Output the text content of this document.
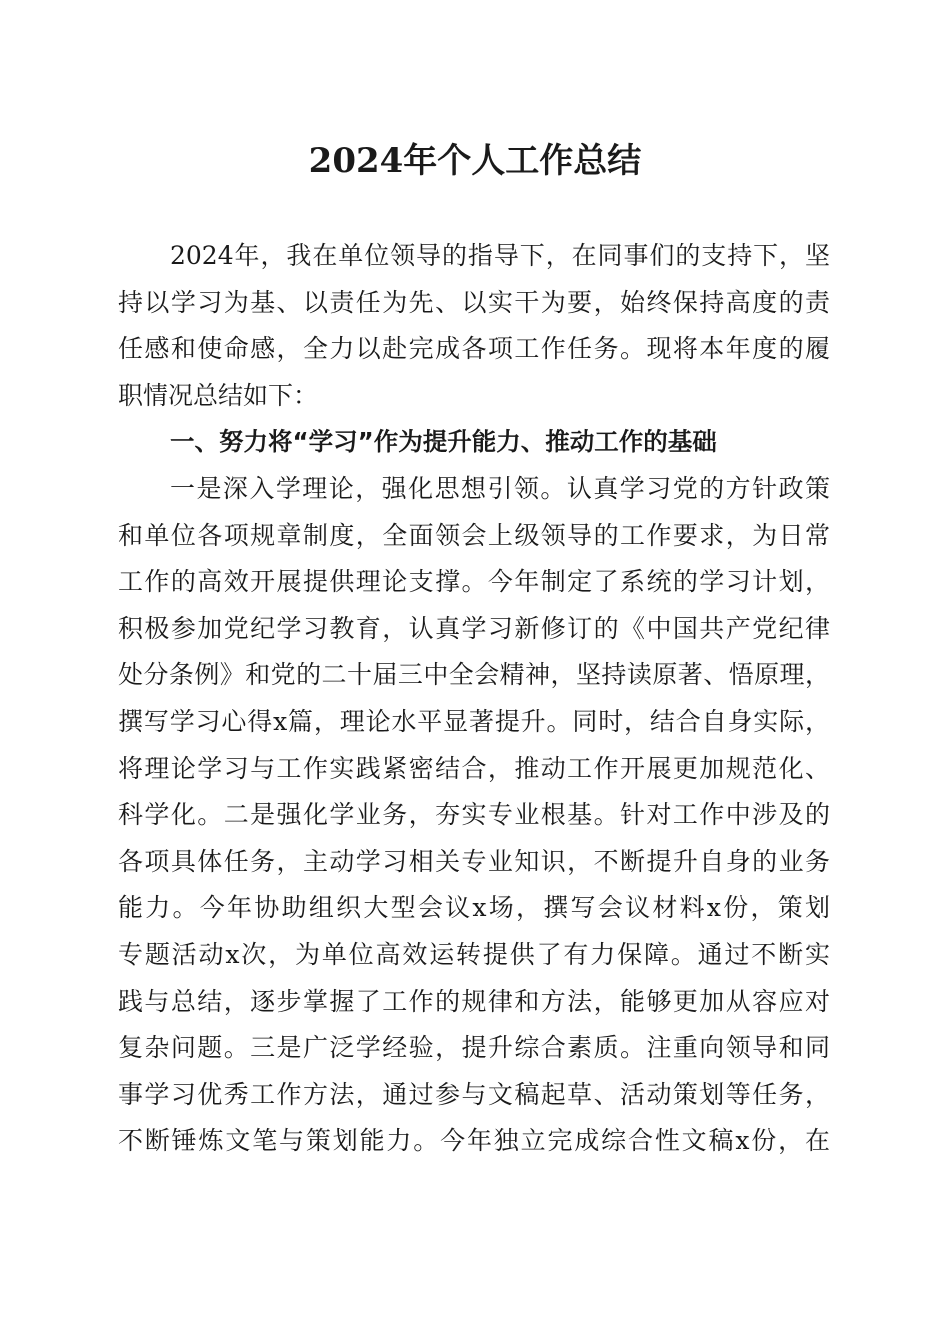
2024年个人工作总结
2024年，我在单位领导的指导下，在同事们的支持下，坚
持以学习为基、以责任为先、以实干为要，始终保持高度的责
任感和使命感，全力以赴完成各项工作任务。现将本年度的履
职情况总结如下：
一、努力将“学习”作为提升能力、推动工作的基础
一是深入学理论，强化思想引领。认真学习党的方针政策
和单位各项规章制度，全面领会上级领导的工作要求，为日常
工作的高效开展提供理论支撑。今年制定了系统的学习计划，
积极参加党纪学习教育，认真学习新修订的《中国共产党纪律
处分条例》和党的二十届三中全会精神，坚持读原著、悟原理，
撰写学习心得x篇，理论水平显著提升。同时，结合自身实际，
将理论学习与工作实践紧密结合，推动工作开展更加规范化、
科学化。二是强化学业务，夯实专业根基。针对工作中涉及的
各项具体任务，主动学习相关专业知识，不断提升自身的业务
能力。今年协助组织大型会议x场，撰写会议材料x份，策划
专题活动x次，为单位高效运转提供了有力保障。通过不断实
践与总结，逐步掌握了工作的规律和方法，能够更加从容应对
复杂问题。三是广泛学经验，提升综合素质。注重向领导和同
事学习优秀工作方法，通过参与文稿起草、活动策划等任务，
不断锤炼文笔与策划能力。今年独立完成综合性文稿x份，在
